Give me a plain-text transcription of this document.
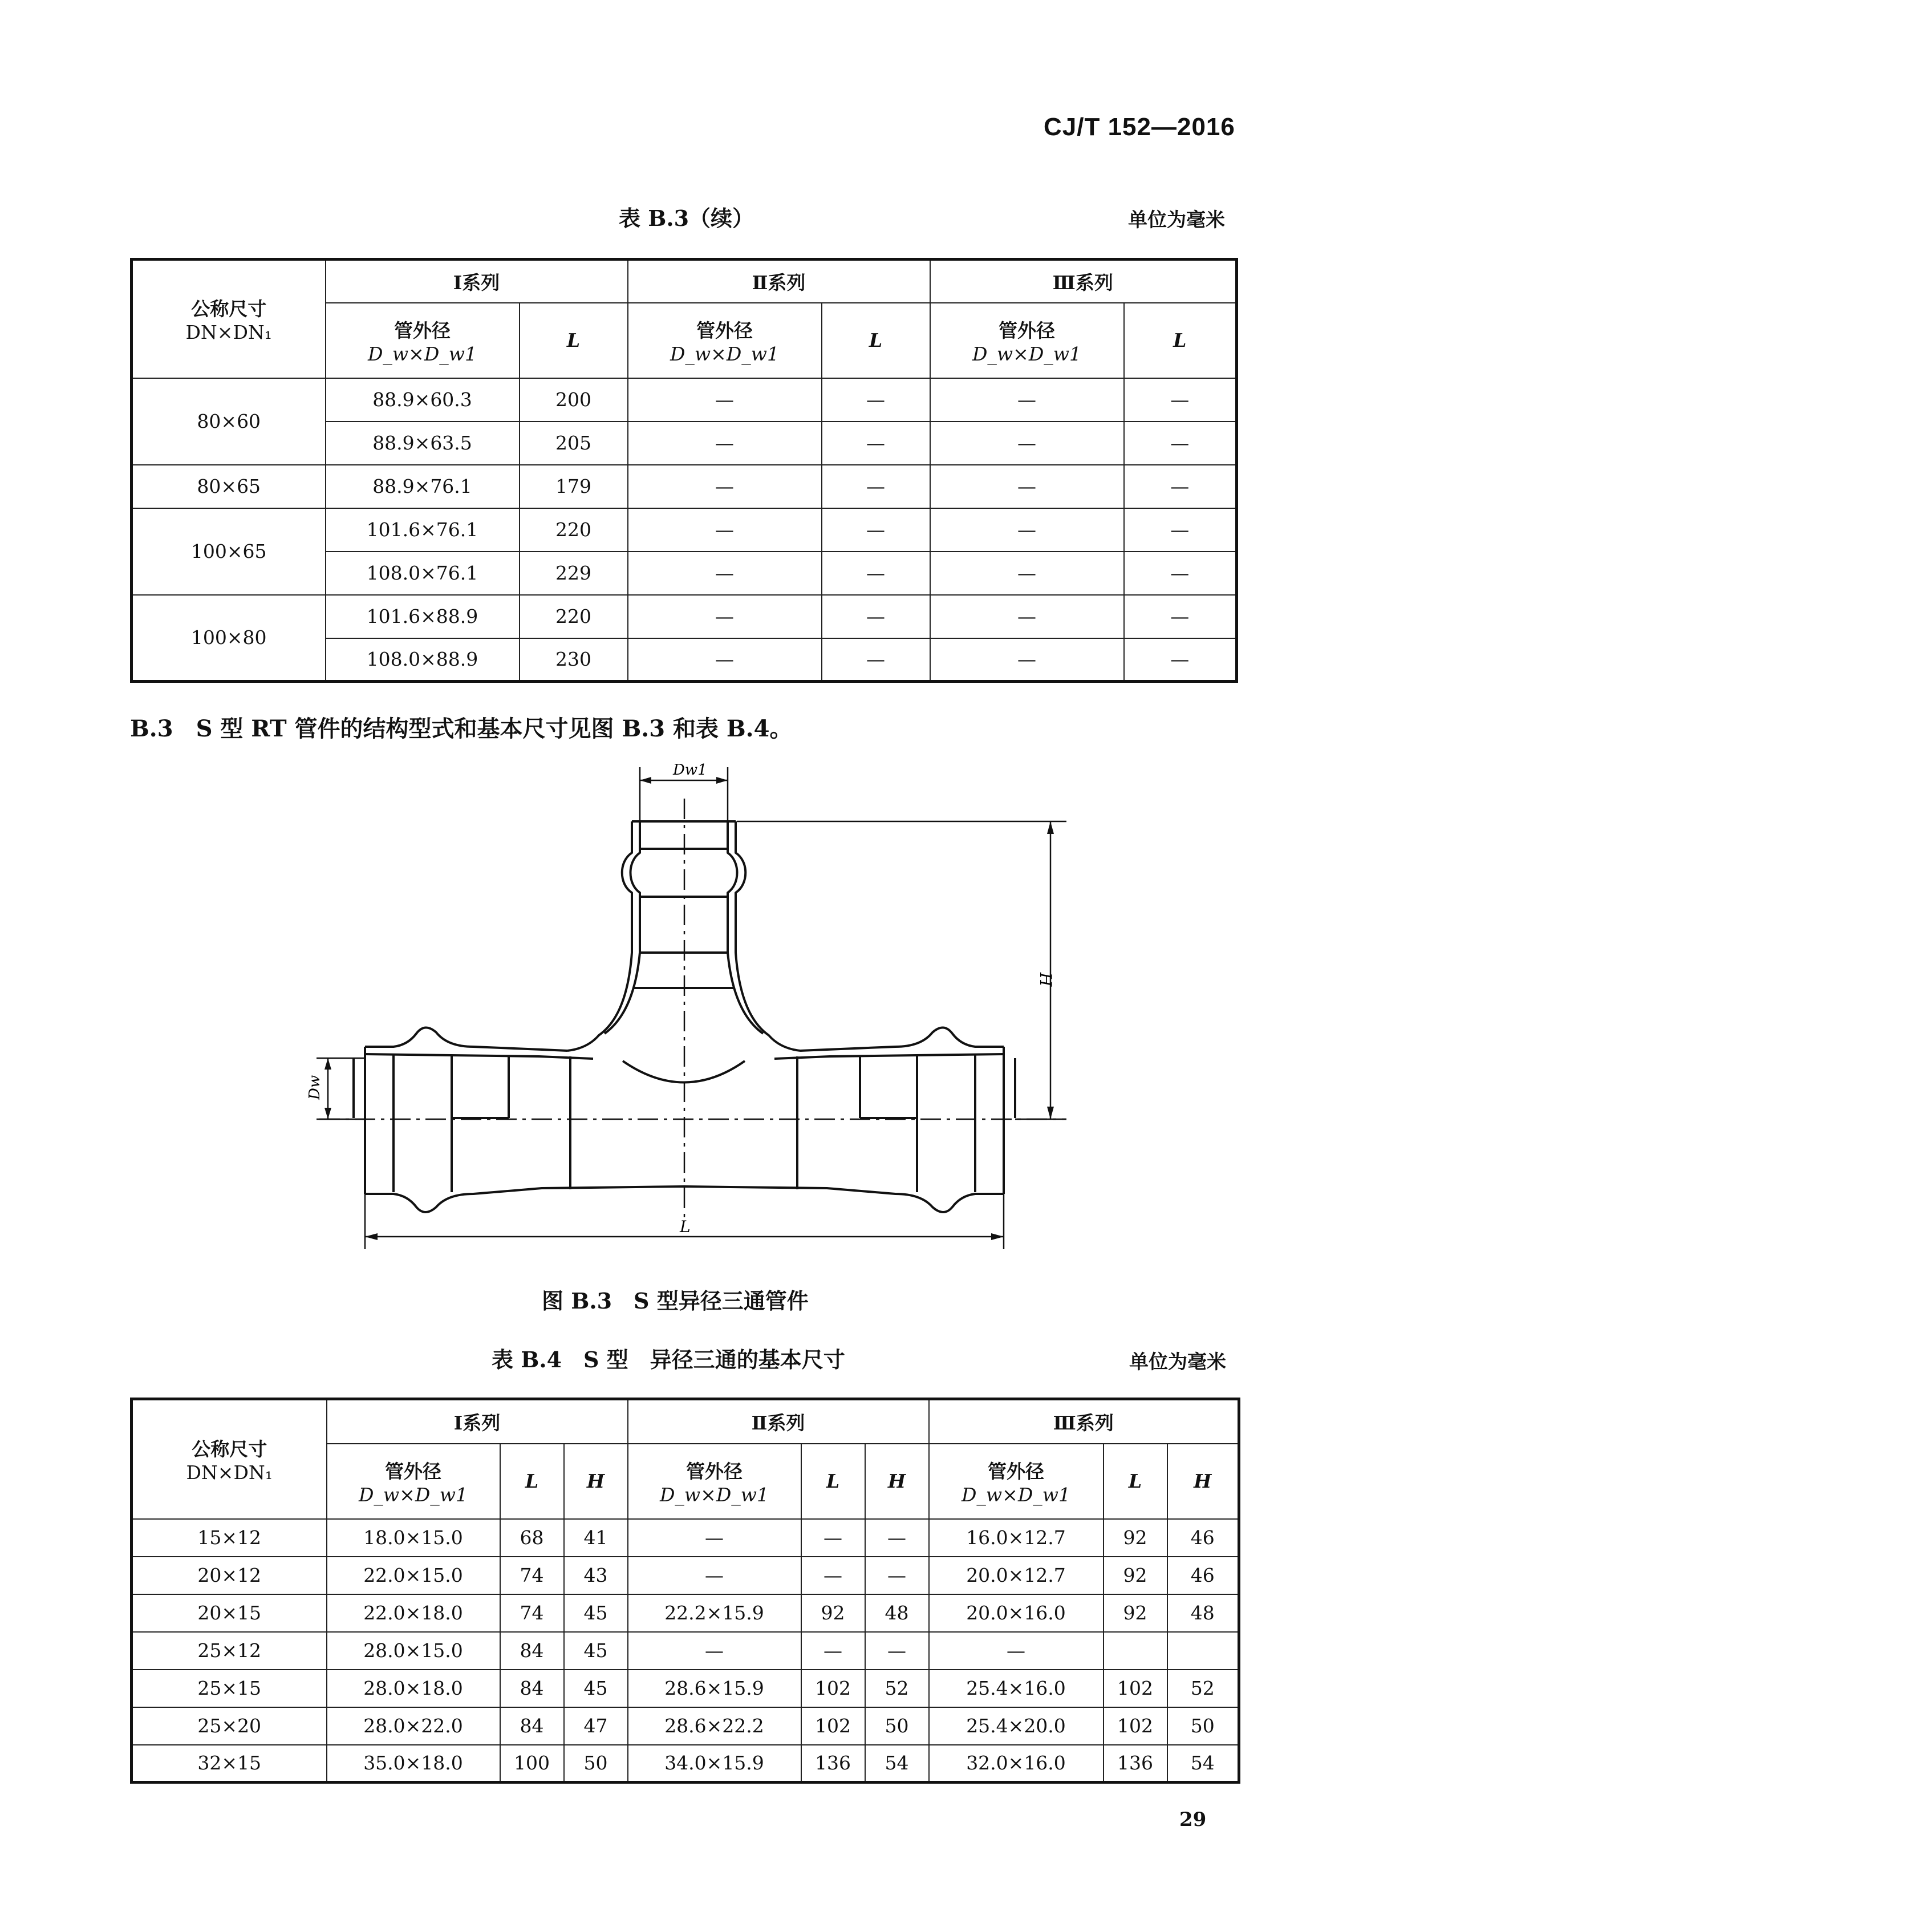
CJ/T 152—2016
表 B.3（续）	单位为毫米
公称尺寸
DN×DN₁	Ⅰ系列		Ⅱ系列		Ⅲ系列	
	管外径
D_w×D_w1	L	管外径
D_w×D_w1	L	管外径
D_w×D_w1	L
80×60	88.9×60.3	200	—	—	—	—
	88.9×63.5	205	—	—	—	—
80×65	88.9×76.1	179	—	—	—	—
100×65	101.6×76.1	220	—	—	—	—
	108.0×76.1	229	—	—	—	—
100×80	101.6×88.9	220	—	—	—	—
	108.0×88.9	230	—	—	—	—
B.3　S 型 RT 管件的结构型式和基本尺寸见图 B.3 和表 B.4。
Dw1
H
Dw
L
图 B.3　S 型异径三通管件
表 B.4　S 型　异径三通的基本尺寸	单位为毫米
公称尺寸
DN×DN₁	Ⅰ系列			Ⅱ系列			Ⅲ系列		
	管外径
D_w×D_w1	L	H	管外径
D_w×D_w1	L	H	管外径
D_w×D_w1	L	H
15×12	18.0×15.0	68	41	—	—	—	16.0×12.7	92	46
20×12	22.0×15.0	74	43	—	—	—	20.0×12.7	92	46
20×15	22.0×18.0	74	45	22.2×15.9	92	48	20.0×16.0	92	48
25×12	28.0×15.0	84	45	—	—	—	—		
25×15	28.0×18.0	84	45	28.6×15.9	102	52	25.4×16.0	102	52
25×20	28.0×22.0	84	47	28.6×22.2	102	50	25.4×20.0	102	50
32×15	35.0×18.0	100	50	34.0×15.9	136	54	32.0×16.0	136	54
29
